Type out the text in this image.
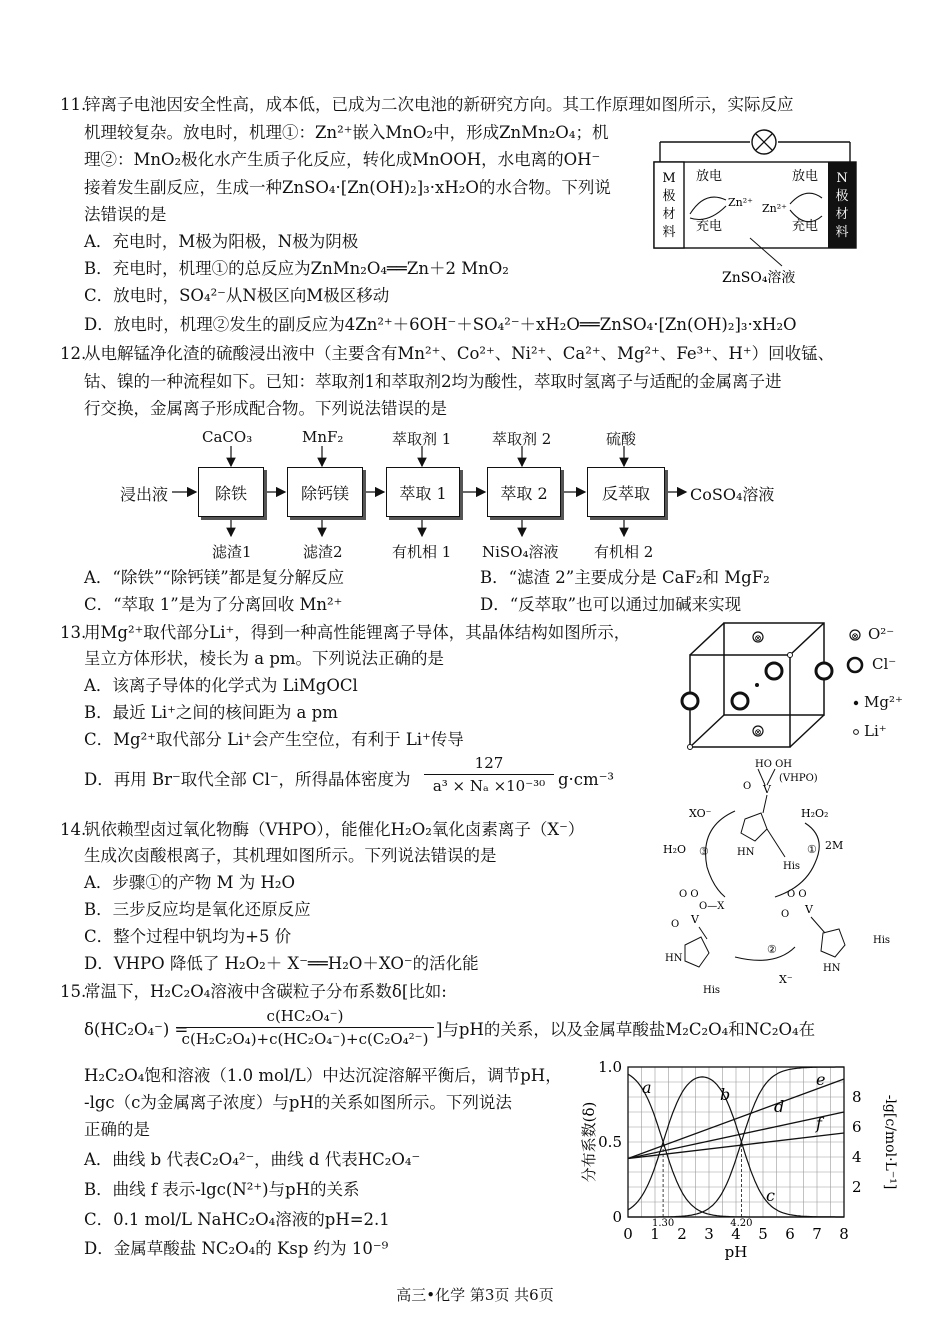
11.
锌离子电池因安全性高，成本低，已成为二次电池的新研究方向。其工作原理如图所示，实际反应
机理较复杂。放电时，机理①：Zn²⁺嵌入MnO₂中，形成ZnMn₂O₄；机
理②：MnO₂极化水产生质子化反应，转化成MnOOH，水电离的OH⁻
接着发生副反应，生成一种ZnSO₄·[Zn(OH)₂]₃·xH₂O的水合物。下列说
法错误的是
A．充电时，M极为阳极，N极为阴极
B．充电时，机理①的总反应为ZnMn₂O₄══Zn＋2 MnO₂
C．放电时，SO₄²⁻从N极区向M极区移动
D．放电时，机理②发生的副反应为4Zn²⁺＋6OH⁻＋SO₄²⁻＋xH₂O══ZnSO₄·[Zn(OH)₂]₃·xH₂O
M
极
材
料
N
极
材
料
放电	放电
充电	充电
Zn²⁺ Zn²⁺
ZnSO₄溶液
12.
从电解锰净化渣的硫酸浸出液中（主要含有Mn²⁺、Co²⁺、Ni²⁺、Ca²⁺、Mg²⁺、Fe³⁺、H⁺）回收锰、
钴、镍的一种流程如下。已知：萃取剂1和萃取剂2均为酸性，萃取时氢离子与适配的金属离子进
行交换，金属离子形成配合物。下列说法错误的是
浸出液	CoSO₄溶液
除铁	除钙镁	萃取 1	萃取 2	反萃取
CaCO₃	MnF₂	萃取剂 1	萃取剂 2	硫酸
滤渣1	滤渣2	有机相 1 NiSO₄溶液 有机相 2
A．“除铁”“除钙镁”都是复分解反应	B．“滤渣 2”主要成分是 CaF₂和 MgF₂
C．“萃取 1”是为了分离回收 Mn²⁺	D．“反萃取”也可以通过加碱来实现
13.
用Mg²⁺取代部分Li⁺，得到一种高性能锂离子导体，其晶体结构如图所示，
呈立方体形状，棱长为 a pm。下列说法正确的是
A．该离子导体的化学式为 LiMgOCl
B．最近 Li⁺之间的核间距为 a pm
C．Mg²⁺取代部分 Li⁺会产生空位，有利于 Li⁺传导
D．再用 Br⁻取代全部 Cl⁻，所得晶体密度为
127
a³ × Nₐ ×10⁻³⁰ g·cm⁻³
⊗
⊗
⊗ O²⁻
Cl⁻
Mg²⁺
Li⁺
14.
钒依赖型卤过氧化物酶（VHPO），能催化H₂O₂氧化卤素离子（X⁻）
生成次卤酸根离子，其机理如图所示。下列说法错误的是
A．步骤①的产物 M 为 H₂O
B．三步反应均是氧化还原反应
C．整个过程中钒均为+5 价
D．VHPO 降低了 H₂O₂＋ X⁻══H₂O＋XO⁻的活化能
HO OH
(VHPO)
V
O
HN
His
H₂O₂
① 2M
XO⁻
H₂O ③
O O
O—X
V
O
HN
His
O O
V
O
HN
His
②
X⁻
15.
常温下，H₂C₂O₄溶液中含碳粒子分布系数δ[比如:
δ(HC₂O₄⁻) =
c(HC₂O₄⁻)
c(H₂C₂O₄)+c(HC₂O₄⁻)+c(C₂O₄²⁻) ]与pH的关系，以及金属草酸盐M₂C₂O₄和NC₂O₄在
H₂C₂O₄饱和溶液（1.0 mol/L）中达沉淀溶解平衡后，调节pH，
-lgc（c为金属离子浓度）与pH的关系如图所示。下列说法
正确的是
A．曲线 b 代表C₂O₄²⁻，曲线 d 代表HC₂O₄⁻
B．曲线 f 表示-lgc(N²⁺)与pH的关系
C．0.1 mol/L NaHC₂O₄溶液的pH=2.1
D．金属草酸盐 NC₂O₄的 Ksp 约为 10⁻⁹
0 1 2 3 4 5 6 7 8
0
0.5
1.0
2
4
6
8
pH
分布系数(δ)	-lg[c/mol·L⁻¹]
1.30	4.20
a	b
c
d
e
f
高三•化学 第3页 共6页
